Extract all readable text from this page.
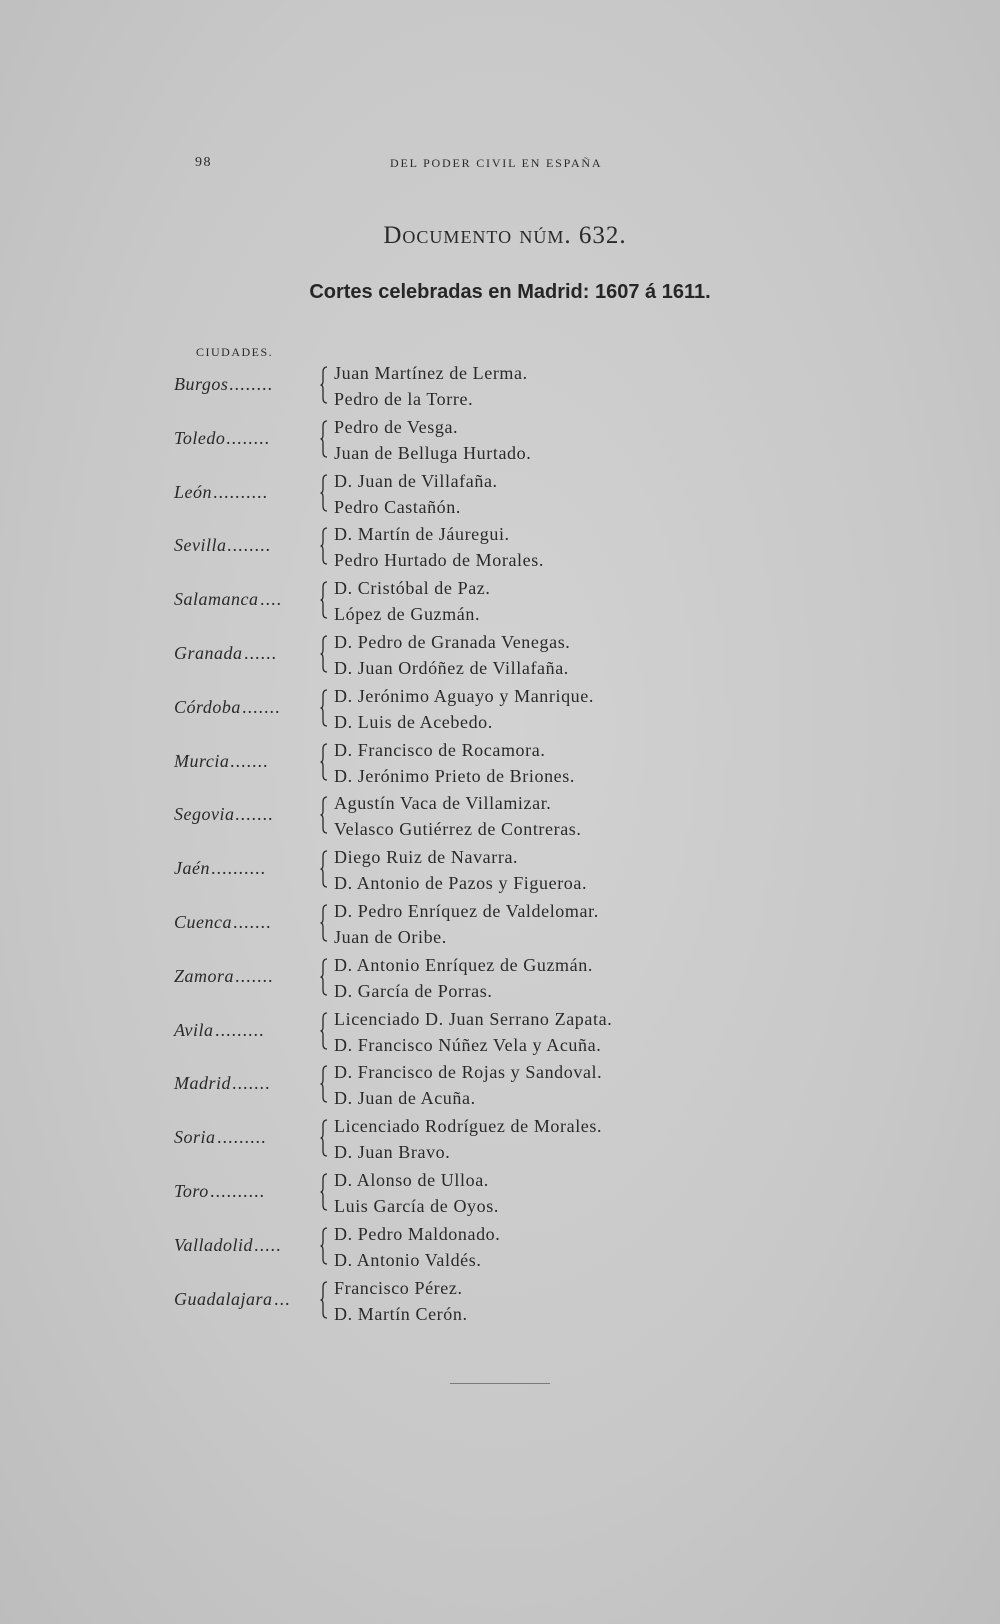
98	DEL PODER CIVIL EN ESPAÑA
Documento núm. 632.
Cortes celebradas en Madrid: 1607 á 1611.
CIUDADES.
Burgos ........
Juan Martínez de Lerma.
Pedro de la Torre.
Toledo ........
Pedro de Vesga.
Juan de Belluga Hurtado.
León ..........
D. Juan de Villafaña.
Pedro Castañón.
Sevilla ........
D. Martín de Jáuregui.
Pedro Hurtado de Morales.
Salamanca ....
D. Cristóbal de Paz.
López de Guzmán.
Granada ......
D. Pedro de Granada Venegas.
D. Juan Ordóñez de Villafaña.
Córdoba .......
D. Jerónimo Aguayo y Manrique.
D. Luis de Acebedo.
Murcia .......
D. Francisco de Rocamora.
D. Jerónimo Prieto de Briones.
Segovia .......
Agustín Vaca de Villamizar.
Velasco Gutiérrez de Contreras.
Jaén ..........
Diego Ruiz de Navarra.
D. Antonio de Pazos y Figueroa.
Cuenca .......
D. Pedro Enríquez de Valdelomar.
Juan de Oribe.
Zamora .......
D. Antonio Enríquez de Guzmán.
D. García de Porras.
Avila .........
Licenciado D. Juan Serrano Zapata.
D. Francisco Núñez Vela y Acuña.
Madrid .......
D. Francisco de Rojas y Sandoval.
D. Juan de Acuña.
Soria .........
Licenciado Rodríguez de Morales.
D. Juan Bravo.
Toro ..........
D. Alonso de Ulloa.
Luis García de Oyos.
Valladolid .....
D. Pedro Maldonado.
D. Antonio Valdés.
Guadalajara ...
Francisco Pérez.
D. Martín Cerón.
